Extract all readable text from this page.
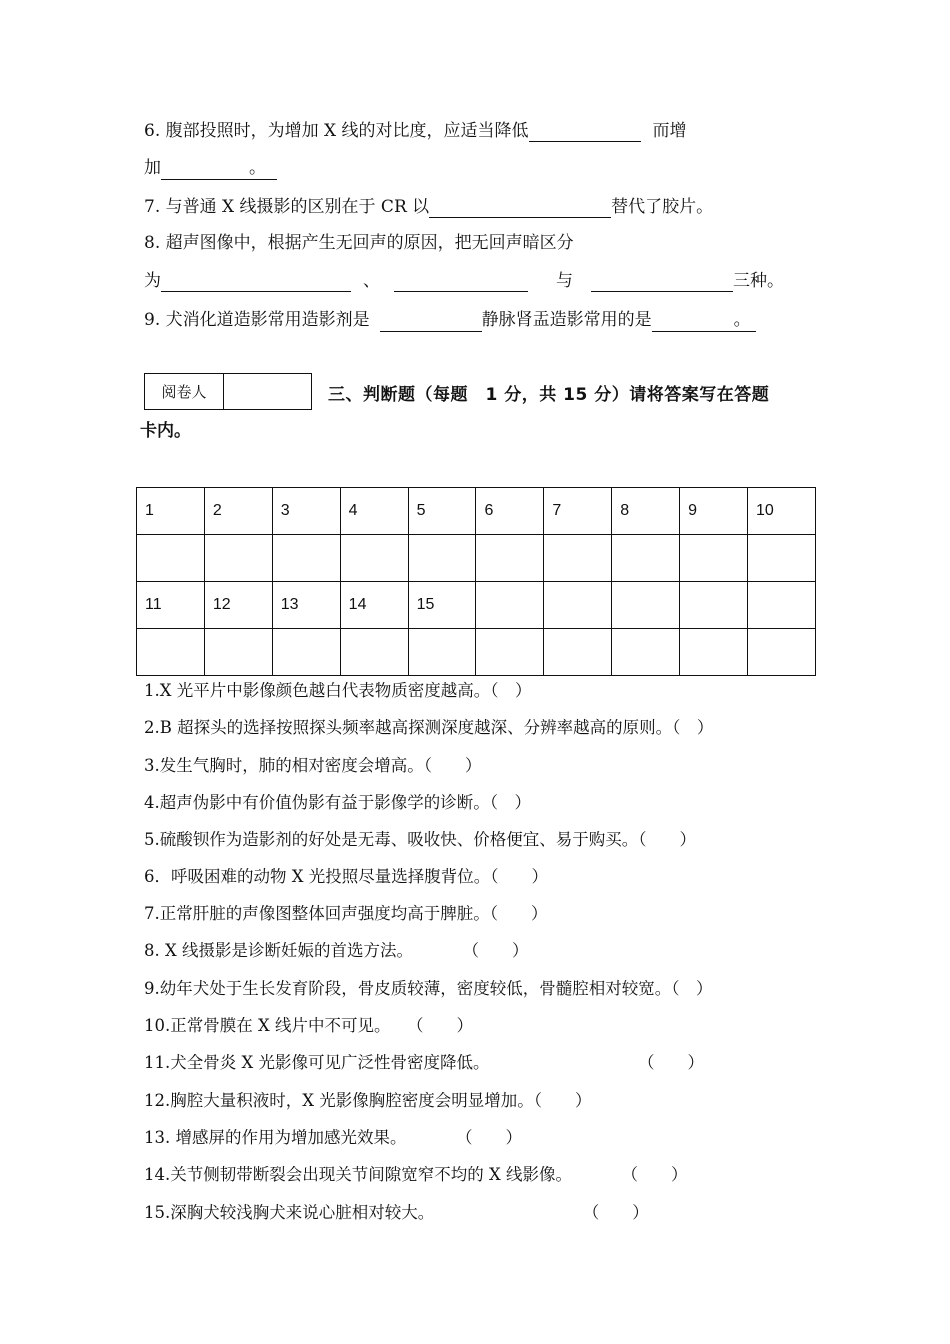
6. 腹部投照时，为增加 X 线的对比度，应适当降低	而增
加	。
7. 与普通 X 线摄影的区别在于 CR 以	替代了胶片。
8. 超声图像中，根据产生无回声的原因，把无回声暗区分
为	、	与	三种。
9. 犬消化道造影常用造影剂是	静脉肾盂造影常用的是	。
阅卷人	三、判断题（每题　1 分，共 15 分）请将答案写在答题
卡内。
1	2	3	4	5	6	7	8	9	10

11	12	13	14	15					

1.X 光平片中影像颜色越白代表物质密度越高。（　）
2.B 超探头的选择按照探头频率越高探测深度越深、分辨率越高的原则。（　）
3.发生气胸时，肺的相对密度会增高。（　　）
4.超声伪影中有价值伪影有益于影像学的诊断。（　）
5.硫酸钡作为造影剂的好处是无毒、吸收快、价格便宜、易于购买。（　　）
6．呼吸困难的动物 X 光投照尽量选择腹背位。（　　）
7.正常肝脏的声像图整体回声强度均高于脾脏。（　　）
8. X 线摄影是诊断妊娠的首选方法。　　　　（　　）
9.幼年犬处于生长发育阶段，骨皮质较薄，密度较低，骨髓腔相对较宽。（　）
10.正常骨膜在 X 线片中不可见。　　（　　）
11.犬全骨炎 X 光影像可见广泛性骨密度降低。　　　　　　　　　　（　　）
12.胸腔大量积液时，X 光影像胸腔密度会明显增加。（　　）
13. 增感屏的作用为增加感光效果。　　　　（　　）
14.关节侧韧带断裂会出现关节间隙宽窄不均的 X 线影像。　　　　（　　）
15.深胸犬较浅胸犬来说心脏相对较大。　　　　　　　　　　（　　）
